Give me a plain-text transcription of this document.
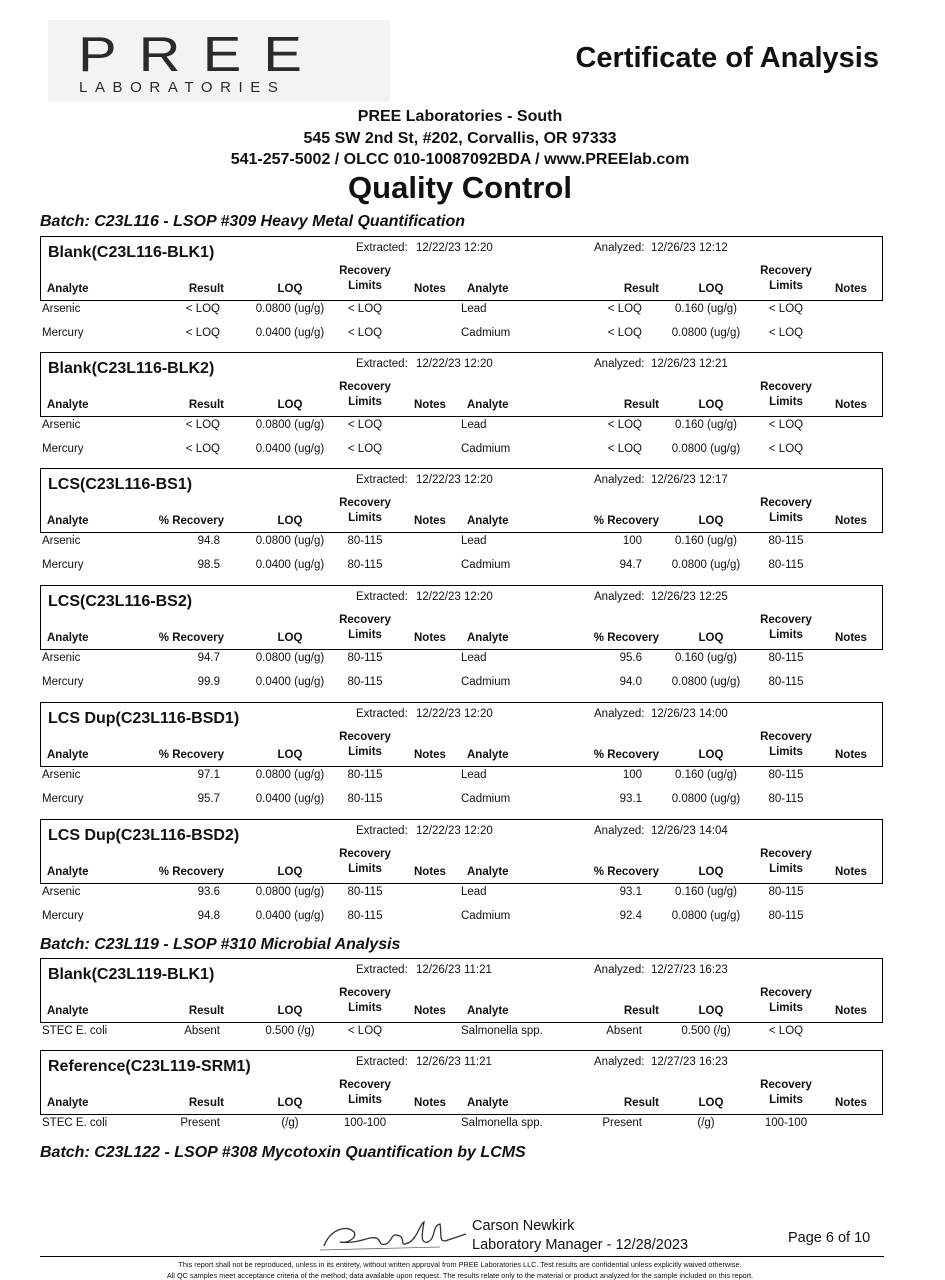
PREE
LABORATORIES
Certificate of Analysis
PREE Laboratories - South
545 SW 2nd St, #202, Corvallis, OR 97333
541-257-5002 / OLCC 010-10087092BDA / www.PREElab.com
Quality Control
Batch: C23L116 - LSOP #309 Heavy Metal Quantification
Batch: C23L119 - LSOP #310 Microbial Analysis
Batch: C23L122 - LSOP #308 Mycotoxin Quantification by LCMS
Blank(C23L116-BLK1)	Extracted: 12/22/23 12:20	Analyzed: 12/26/23 12:12
Analyte	Result	LOQ
Recovery
Limits	Notes Analyte	Result	LOQ
Recovery
Limits	Notes
Arsenic	< LOQ	0.0800 (ug/g)	< LOQ	Lead	< LOQ	0.160 (ug/g)	< LOQ
Mercury	< LOQ	0.0400 (ug/g)	< LOQ	Cadmium	< LOQ	0.0800 (ug/g)	< LOQ
Blank(C23L116-BLK2)	Extracted: 12/22/23 12:20	Analyzed: 12/26/23 12:21
Analyte	Result	LOQ
Recovery
Limits	Notes Analyte	Result	LOQ
Recovery
Limits	Notes
Arsenic	< LOQ	0.0800 (ug/g)	< LOQ	Lead	< LOQ	0.160 (ug/g)	< LOQ
Mercury	< LOQ	0.0400 (ug/g)	< LOQ	Cadmium	< LOQ	0.0800 (ug/g)	< LOQ
LCS(C23L116-BS1)	Extracted: 12/22/23 12:20	Analyzed: 12/26/23 12:17
Analyte	% Recovery	LOQ
Recovery
Limits	Notes Analyte	% Recovery	LOQ
Recovery
Limits	Notes
Arsenic	94.8	0.0800 (ug/g)	80-115	Lead	100	0.160 (ug/g)	80-115
Mercury	98.5	0.0400 (ug/g)	80-115	Cadmium	94.7	0.0800 (ug/g)	80-115
LCS(C23L116-BS2)	Extracted: 12/22/23 12:20	Analyzed: 12/26/23 12:25
Analyte	% Recovery	LOQ
Recovery
Limits	Notes Analyte	% Recovery	LOQ
Recovery
Limits	Notes
Arsenic	94.7	0.0800 (ug/g)	80-115	Lead	95.6	0.160 (ug/g)	80-115
Mercury	99.9	0.0400 (ug/g)	80-115	Cadmium	94.0	0.0800 (ug/g)	80-115
LCS Dup(C23L116-BSD1)	Extracted: 12/22/23 12:20	Analyzed: 12/26/23 14:00
Analyte	% Recovery	LOQ
Recovery
Limits	Notes Analyte	% Recovery	LOQ
Recovery
Limits	Notes
Arsenic	97.1	0.0800 (ug/g)	80-115	Lead	100	0.160 (ug/g)	80-115
Mercury	95.7	0.0400 (ug/g)	80-115	Cadmium	93.1	0.0800 (ug/g)	80-115
LCS Dup(C23L116-BSD2)	Extracted: 12/22/23 12:20	Analyzed: 12/26/23 14:04
Analyte	% Recovery	LOQ
Recovery
Limits	Notes Analyte	% Recovery	LOQ
Recovery
Limits	Notes
Arsenic	93.6	0.0800 (ug/g)	80-115	Lead	93.1	0.160 (ug/g)	80-115
Mercury	94.8	0.0400 (ug/g)	80-115	Cadmium	92.4	0.0800 (ug/g)	80-115
Blank(C23L119-BLK1)	Extracted: 12/26/23 11:21	Analyzed: 12/27/23 16:23
Analyte	Result	LOQ
Recovery
Limits	Notes Analyte	Result	LOQ
Recovery
Limits	Notes
STEC E. coli	Absent	0.500 (/g)	< LOQ	Salmonella spp.	Absent	0.500 (/g)	< LOQ
Reference(C23L119-SRM1)	Extracted: 12/26/23 11:21	Analyzed: 12/27/23 16:23
Analyte	Result	LOQ
Recovery
Limits	Notes Analyte	Result	LOQ
Recovery
Limits	Notes
STEC E. coli	Present	(/g)	100-100	Salmonella spp.	Present	(/g)	100-100
Carson Newkirk
Laboratory Manager - 12/28/2023	Page 6 of 10
This report shall not be reproduced, unless in its entirety, without written approval from PREE Laboratories LLC. Test results are confidential unless explicitly waived otherwise.
All QC samples meet acceptance criteria of the method; data available upon request. The results relate only to the material or product analyzed for the sample included on this report.
